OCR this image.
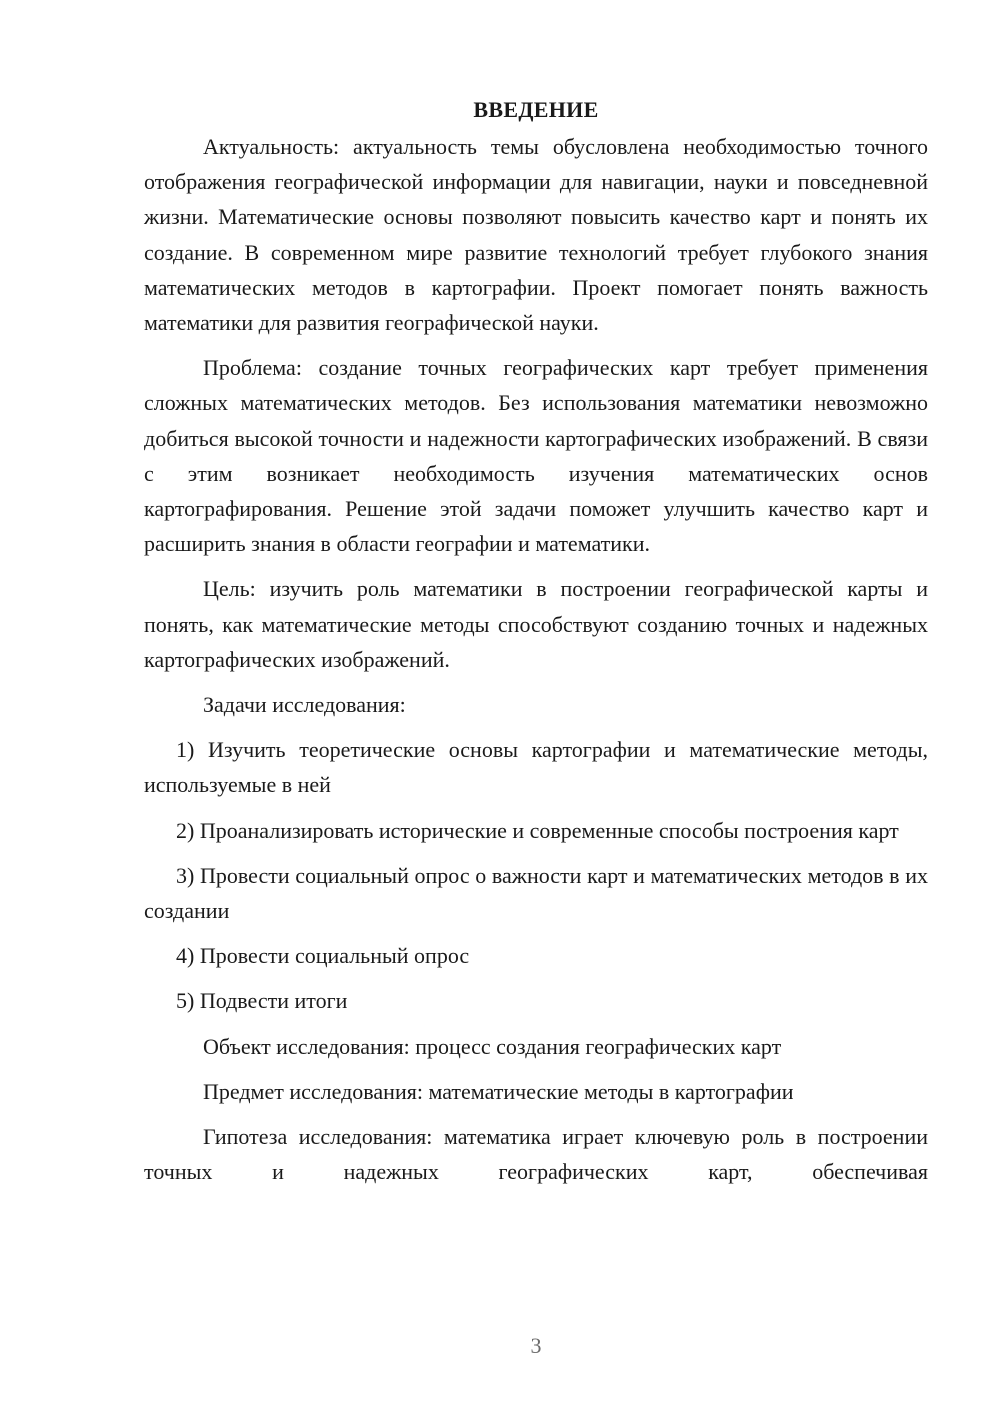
ВВЕДЕНИЕ

Актуальность: актуальность темы обусловлена необходимостью точного отображения географической информации для навигации, науки и повседневной жизни. Математические основы позволяют повысить качество карт и понять их создание. В современном мире развитие технологий требует глубокого знания математических методов в картографии. Проект помогает понять важность математики для развития географической науки.

Проблема: создание точных географических карт требует применения сложных математических методов. Без использования математики невозможно добиться высокой точности и надежности картографических изображений. В связи с этим возникает необходимость изучения математических основ картографирования. Решение этой задачи поможет улучшить качество карт и расширить знания в области географии и математики.

Цель: изучить роль математики в построении географической карты и понять, как математические методы способствуют созданию точных и надежных картографических изображений.

Задачи исследования:

1) Изучить теоретические основы картографии и математические методы, используемые в ней

2) Проанализировать исторические и современные способы построения карт

3) Провести социальный опрос о важности карт и математических методов в их создании

4) Провести социальный опрос

5) Подвести итоги

Объект исследования: процесс создания географических карт

Предмет исследования: математические методы в картографии

Гипотеза исследования: математика играет ключевую роль в построении точных и надежных географических карт, обеспечивая

3
